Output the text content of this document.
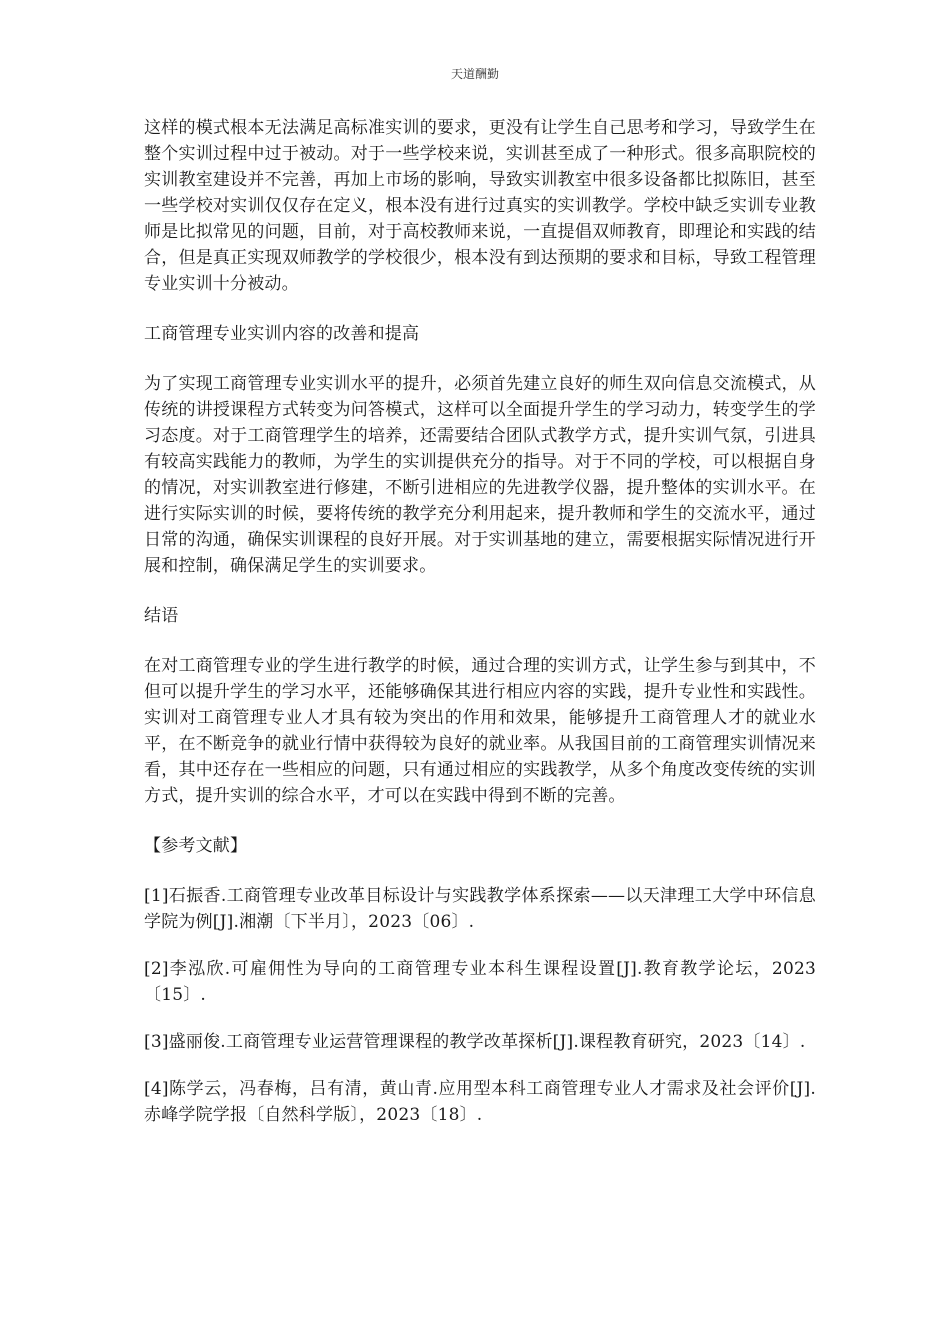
天道酬勤

这样的模式根本无法满足高标准实训的要求，更没有让学生自己思考和学习，导致学生在整个实训过程中过于被动。对于一些学校来说，实训甚至成了一种形式。很多高职院校的实训教室建设并不完善，再加上市场的影响，导致实训教室中很多设备都比拟陈旧，甚至一些学校对实训仅仅存在定义，根本没有进行过真实的实训教学。学校中缺乏实训专业教师是比拟常见的问题，目前，对于高校教师来说，一直提倡双师教育，即理论和实践的结合，但是真正实现双师教学的学校很少，根本没有到达预期的要求和目标，导致工程管理专业实训十分被动。

工商管理专业实训内容的改善和提高

为了实现工商管理专业实训水平的提升，必须首先建立良好的师生双向信息交流模式，从传统的讲授课程方式转变为问答模式，这样可以全面提升学生的学习动力，转变学生的学习态度。对于工商管理学生的培养，还需要结合团队式教学方式，提升实训气氛，引进具有较高实践能力的教师，为学生的实训提供充分的指导。对于不同的学校，可以根据自身的情况，对实训教室进行修建，不断引进相应的先进教学仪器，提升整体的实训水平。在进行实际实训的时候，要将传统的教学充分利用起来，提升教师和学生的交流水平，通过日常的沟通，确保实训课程的良好开展。对于实训基地的建立，需要根据实际情况进行开展和控制，确保满足学生的实训要求。

结语

在对工商管理专业的学生进行教学的时候，通过合理的实训方式，让学生参与到其中，不但可以提升学生的学习水平，还能够确保其进行相应内容的实践，提升专业性和实践性。实训对工商管理专业人才具有较为突出的作用和效果，能够提升工商管理人才的就业水平，在不断竞争的就业行情中获得较为良好的就业率。从我国目前的工商管理实训情况来看，其中还存在一些相应的问题，只有通过相应的实践教学，从多个角度改变传统的实训方式，提升实训的综合水平，才可以在实践中得到不断的完善。

【参考文献】

[1]石振香.工商管理专业改革目标设计与实践教学体系探索——以天津理工大学中环信息学院为例[J].湘潮〔下半月〕，2023〔06〕.

[2]李泓欣.可雇佣性为导向的工商管理专业本科生课程设置[J].教育教学论坛，2023〔15〕.

[3]盛丽俊.工商管理专业运营管理课程的教学改革探析[J].课程教育研究，2023〔14〕.

[4]陈学云，冯春梅，吕有清，黄山青.应用型本科工商管理专业人才需求及社会评价[J].赤峰学院学报〔自然科学版〕，2023〔18〕.
